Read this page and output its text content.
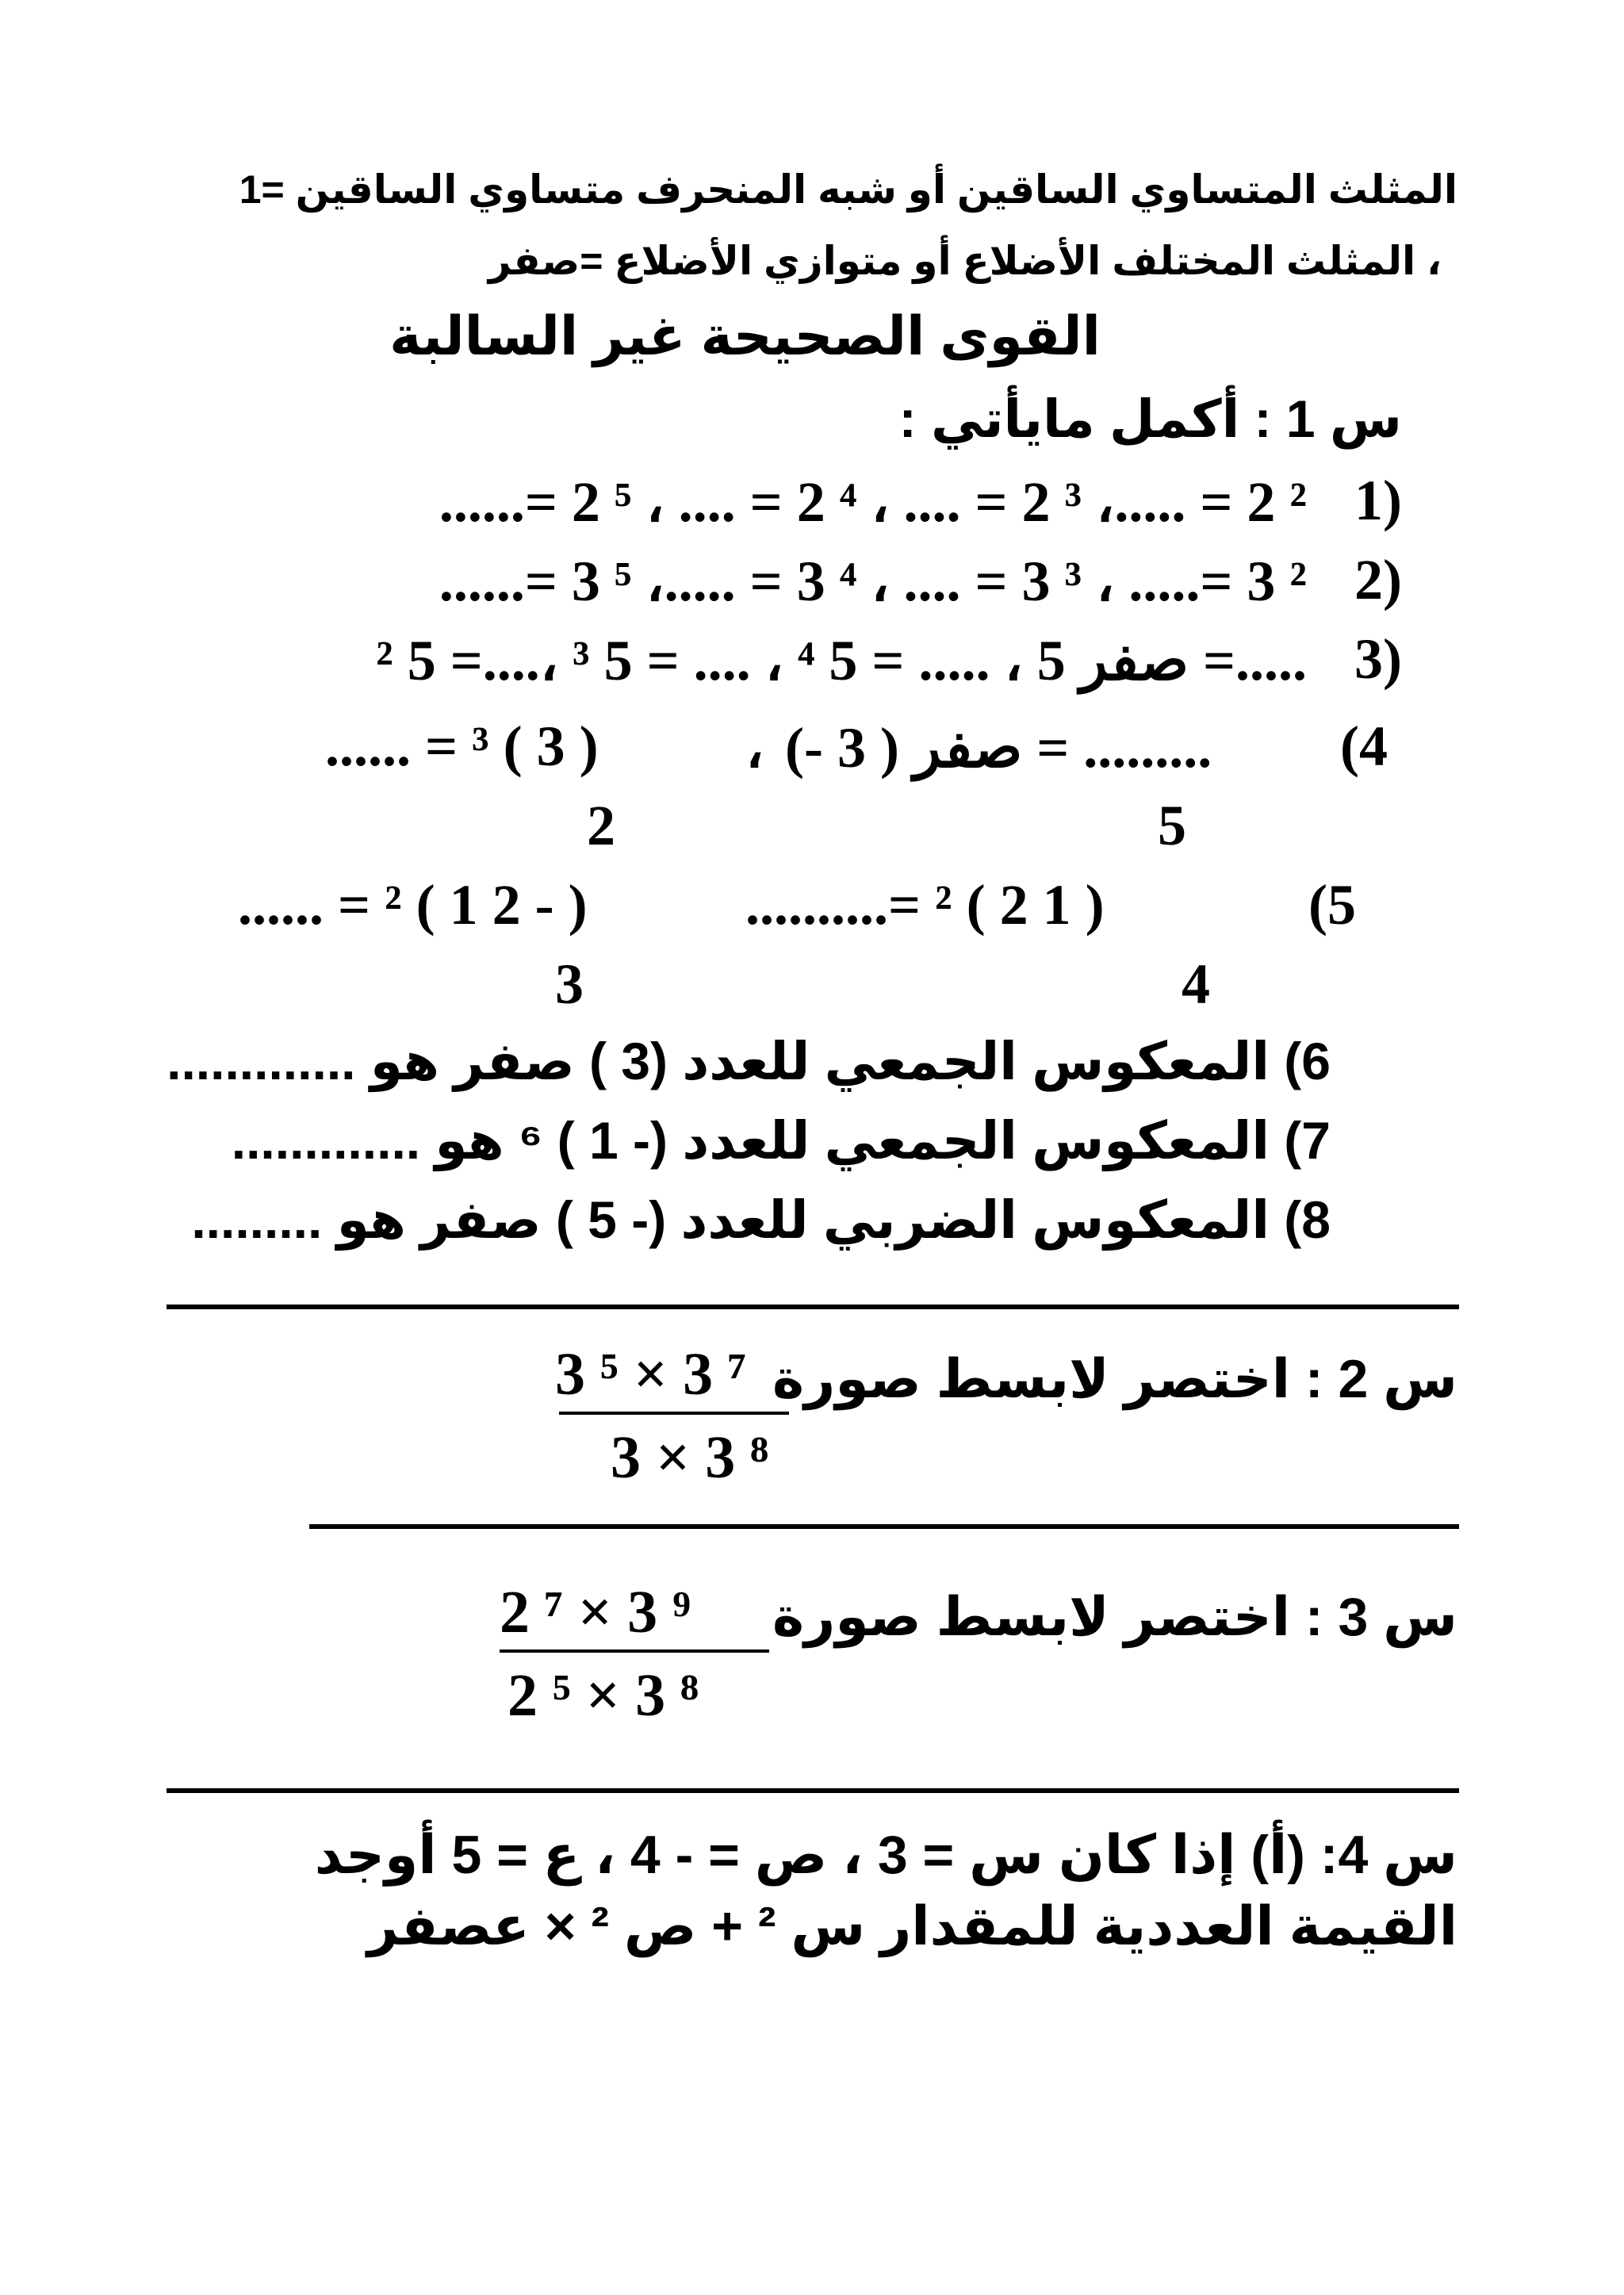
المثلث المتساوي الساقين أو شبه المنحرف متساوي الساقين =1
، المثلث المختلف الأضلاع أو متوازي الأضلاع =صفر
القوى الصحيحة غير السالبة
س 1 : أكمل مايأتي :
......= 2 ⁵ ، .... = 2 ⁴ ، .... = 2 ³ ،..... = 2 ² 1)
......= 3 ⁵ ،..... = 3 ⁴ ، .... = 3 ³ ، .....= 3 ² 2)
.....= صفر 5 ، ..... = 5 ⁴ ، .... = 5 ³ ،....= 5 ² 3)
(4
......... = صفر ( 3 -)
5
،
...... = ³ ( 3 )
2
(5
..........= ² ( 2 1 )
4
...... = ² ( 1 2 - )
3
6) المعكوس الجمعي للعدد (3 ) صفر هو .............
7) المعكوس الجمعي للعدد (- 1 ) ⁶ هو .............
8) المعكوس الضربي للعدد (- 5 ) صفر هو .........
س 2 : اختصر لابسط صورة
3 ⁵ × 3 ⁷
3 × 3 ⁸
س 3 : اختصر لابسط صورة
2 ⁷ × 3 ⁹
2 ⁵ × 3 ⁸
س 4: (أ) إذا كان س = 3 ، ص = - 4 ، ع = 5 أوجد
القيمة العددية للمقدار س ² + ص ² × عصفر
